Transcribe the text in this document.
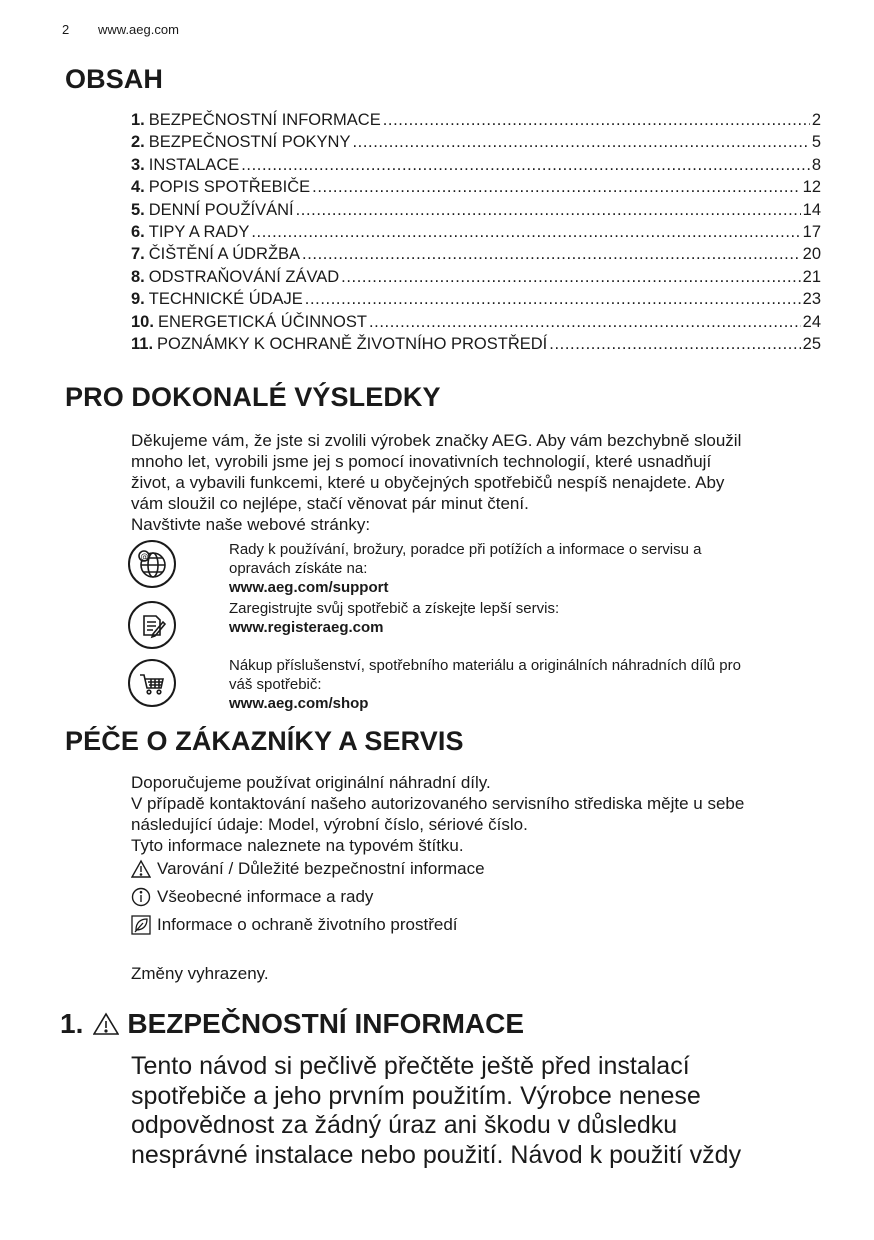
2 www.aeg.com
OBSAH
1. BEZPEČNOSTNÍ INFORMACE .....	2
2. BEZPEČNOSTNÍ POKYNY .....	5
3. INSTALACE .....	8
4. POPIS SPOTŘEBIČE .....	12
5. DENNÍ POUŽÍVÁNÍ .....	14
6. TIPY A RADY .....	17
7. ČIŠTĚNÍ A ÚDRŽBA .....	20
8. ODSTRAŇOVÁNÍ ZÁVAD .....	21
9. TECHNICKÉ ÚDAJE .....	23
10. ENERGETICKÁ ÚČINNOST .....	24
11. POZNÁMKY K OCHRANĚ ŽIVOTNÍHO PROSTŘEDÍ .....	25
PRO DOKONALÉ VÝSLEDKY
Děkujeme vám, že jste si zvolili výrobek značky AEG. Aby vám bezchybně sloužil
mnoho let, vyrobili jsme jej s pomocí inovativních technologií, které usnadňují
život, a vybavili funkcemi, které u obyčejných spotřebičů nespíš nenajdete. Aby
vám sloužil co nejlépe, stačí věnovat pár minut čtení.
Navštivte naše webové stránky:
@	Rady k používání, brožury, poradce při potížích a informace o servisu a
opravách získáte na:
www.aeg.com/support
Zaregistrujte svůj spotřebič a získejte lepší servis:
www.registeraeg.com
Nákup příslušenství, spotřebního materiálu a originálních náhradních dílů pro
váš spotřebič:
www.aeg.com/shop
PÉČE O ZÁKAZNÍKY A SERVIS
Doporučujeme používat originální náhradní díly.
V případě kontaktování našeho autorizovaného servisního střediska mějte u sebe
následující údaje: Model, výrobní číslo, sériové číslo.
Tyto informace naleznete na typovém štítku.
Varování / Důležité bezpečnostní informace
Všeobecné informace a rady
Informace o ochraně životního prostředí
Změny vyhrazeny.
1. BEZPEČNOSTNÍ INFORMACE
Tento návod si pečlivě přečtěte ještě před instalací
spotřebiče a jeho prvním použitím. Výrobce nenese
odpovědnost za žádný úraz ani škodu v důsledku
nesprávné instalace nebo použití. Návod k použití vždy
